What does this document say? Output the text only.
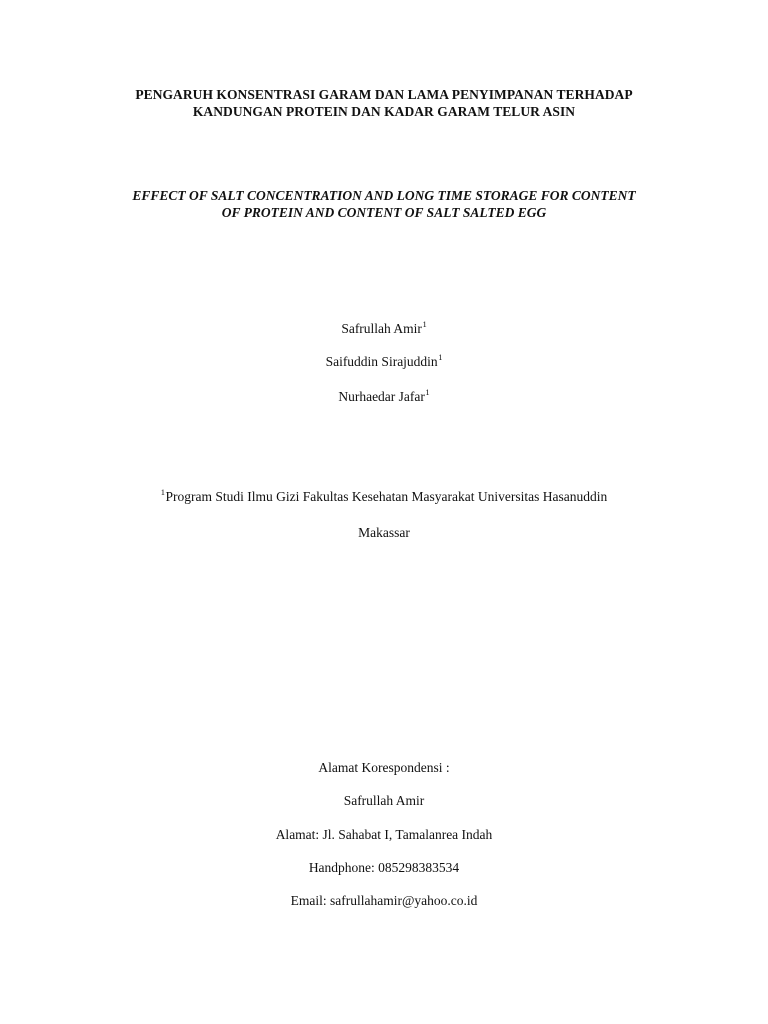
PENGARUH KONSENTRASI GARAM DAN LAMA PENYIMPANAN TERHADAP
KANDUNGAN PROTEIN DAN KADAR GARAM TELUR ASIN
EFFECT OF SALT CONCENTRATION AND LONG TIME STORAGE FOR CONTENT
OF PROTEIN AND CONTENT OF SALT SALTED EGG
Safrullah Amir$^1$
Saifuddin Sirajuddin$^1$
Nurhaedar Jafar$^1$
$^1$Program Studi Ilmu Gizi Fakultas Kesehatan Masyarakat Universitas Hasanuddin
Makassar
Alamat Korespondensi :
Safrullah Amir
Alamat: Jl. Sahabat I, Tamalanrea Indah
Handphone: 085298383534
Email: safrullahamir@yahoo.co.id
